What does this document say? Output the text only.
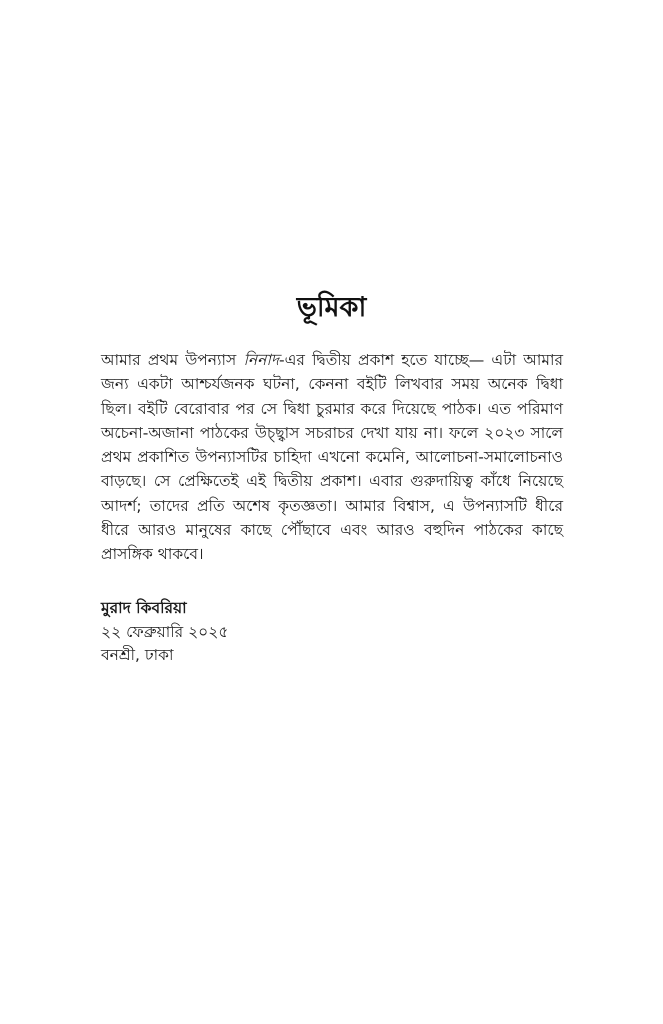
ভূমিকা
আমার প্রথম উপন্যাস নিনাদ-এর দ্বিতীয় প্রকাশ হতে যাচ্ছে— এটা আমার
জন্য একটা আশ্চর্যজনক ঘটনা, কেননা বইটি লিখবার সময় অনেক দ্বিধা
ছিল। বইটি বেরোবার পর সে দ্বিধা চুরমার করে দিয়েছে পাঠক। এত পরিমাণ
অচেনা-অজানা পাঠকের উচ্ছ্বাস সচরাচর দেখা যায় না। ফলে ২০২৩ সালে
প্রথম প্রকাশিত উপন্যাসটির চাহিদা এখনো কমেনি, আলোচনা-সমালোচনাও
বাড়ছে। সে প্রেক্ষিতেই এই দ্বিতীয় প্রকাশ। এবার গুরুদায়িত্ব কাঁধে নিয়েছে
আদর্শ; তাদের প্রতি অশেষ কৃতজ্ঞতা। আমার বিশ্বাস, এ উপন্যাসটি ধীরে
ধীরে আরও মানুষের কাছে পৌঁছাবে এবং আরও বহুদিন পাঠকের কাছে
প্রাসঙ্গিক থাকবে।
মুরাদ কিবরিয়া
২২ ফেব্রুয়ারি ২০২৫
বনশ্রী, ঢাকা
